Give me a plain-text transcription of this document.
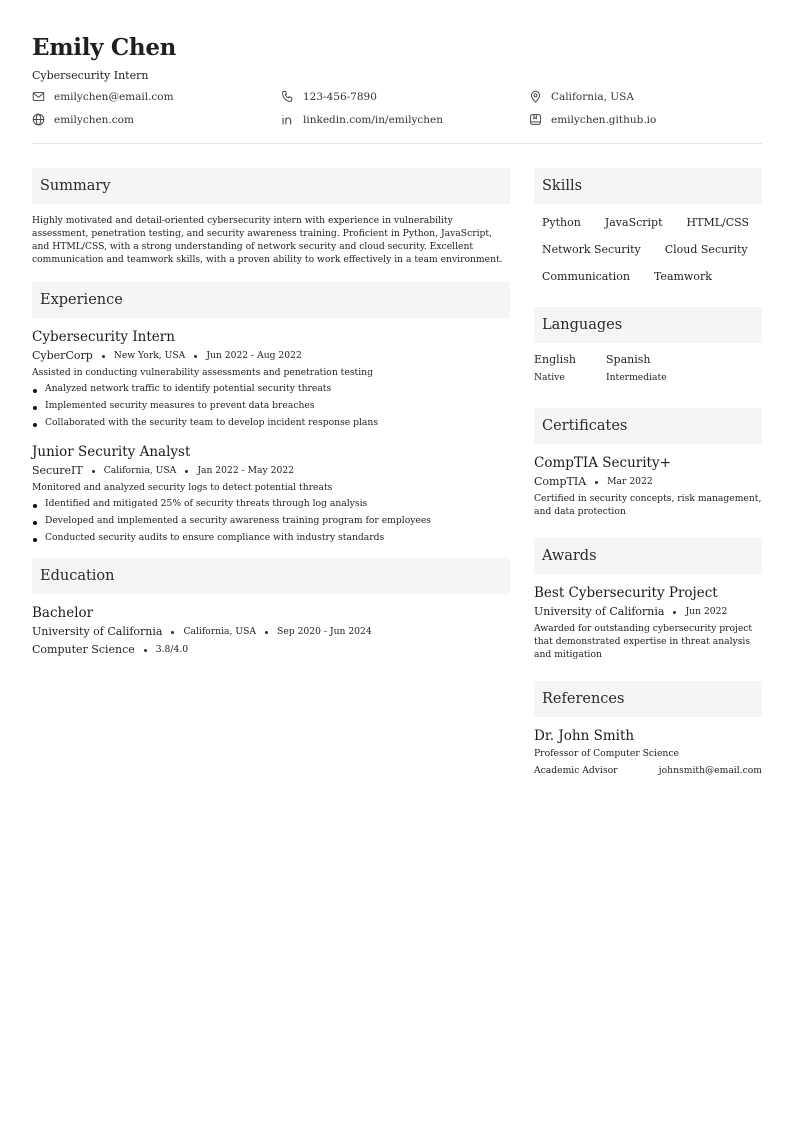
Emily Chen
Cybersecurity Intern
emilychen@email.com	123-456-7890	California, USA
emilychen.com	linkedin.com/in/emilychen	emilychen.github.io
Summary

Highly motivated and detail-oriented cybersecurity intern with experience in vulnerability assessment, penetration testing, and security awareness training. Proficient in Python, JavaScript, and HTML/CSS, with a strong understanding of network security and cloud security. Excellent communication and teamwork skills, with a proven ability to work effectively in a team environment.

Experience
Cybersecurity Intern
CyberCorp New York, USA Jun 2022 - Aug 2022
Assisted in conducting vulnerability assessments and penetration testing
Analyzed network traffic to identify potential security threats
Implemented security measures to prevent data breaches
Collaborated with the security team to develop incident response plans
Junior Security Analyst
SecureIT California, USA Jan 2022 - May 2022
Monitored and analyzed security logs to detect potential threats
Identified and mitigated 25% of security threats through log analysis
Developed and implemented a security awareness training program for employees
Conducted security audits to ensure compliance with industry standards
Education
Bachelor
University of California California, USA Sep 2020 - Jun 2024
Computer Science 3.8/4.0
Skills
Python JavaScript HTML/CSS
Network Security Cloud Security
Communication Teamwork
Languages
English
Native
Spanish
Intermediate
Certificates
CompTIA Security+
CompTIA Mar 2022
Certified in security concepts, risk management, and data protection
Awards
Best Cybersecurity Project
University of California Jun 2022
Awarded for outstanding cybersecurity project that demonstrated expertise in threat analysis and mitigation
References
Dr. John Smith
Professor of Computer Science
Academic Advisor	johnsmith@email.com
